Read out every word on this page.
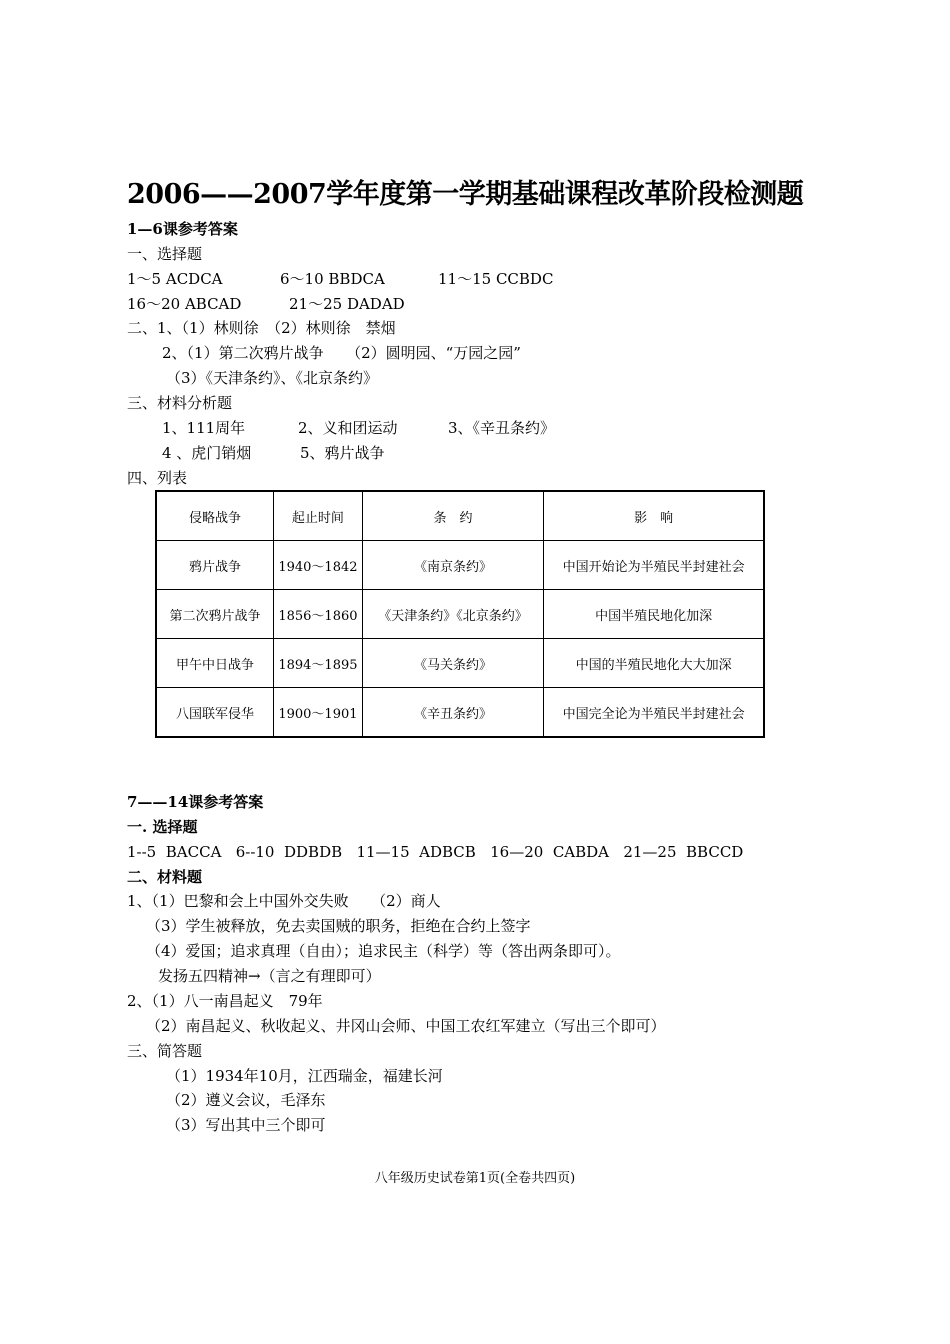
2006——2007学年度第一学期基础课程改革阶段检测题
1—6课参考答案
一、选择题
1～5 ACDCA	6～10 BBDCA	11～15 CCBDC
16～20 ABCAD	21～25 DADAD
二、1、（1）林则徐　（2）林则徐　禁烟
2、（1）第二次鸦片战争　　（2）圆明园、“万园之园”
（3）《天津条约》、《北京条约》
三、材料分析题
1、111周年	2、义和团运动	3、《辛丑条约》
4 、虎门销烟	5、鸦片战争
四、列表
侵略战争	起止时间	条　约	影　响
鸦片战争	1940～1842	《南京条约》	中国开始论为半殖民半封建社会
第二次鸦片战争	1856～1860	《天津条约》《北京条约》	中国半殖民地化加深
甲午中日战争	1894～1895	《马关条约》	中国的半殖民地化大大加深
八国联军侵华	1900～1901	《辛丑条约》	中国完全论为半殖民半封建社会
7——14课参考答案
一. 选择题
1--5  BACCA   6--10  DDBDB   11—15  ADBCB   16—20  CABDA   21—25  BBCCD
二、材料题
1、（1）巴黎和会上中国外交失败　　（2）商人
（3）学生被释放，免去卖国贼的职务，拒绝在合约上签字
（4）爱国；追求真理（自由）；追求民主（科学）等（答出两条即可）。
发扬五四精神→（言之有理即可）
2、（1）八一南昌起义　79年
（2）南昌起义、秋收起义、井冈山会师、中国工农红军建立（写出三个即可）
三、简答题
（1）1934年10月，江西瑞金，福建长河
（2）遵义会议，毛泽东
（3）写出其中三个即可
八年级历史试卷第1页(全卷共四页)
